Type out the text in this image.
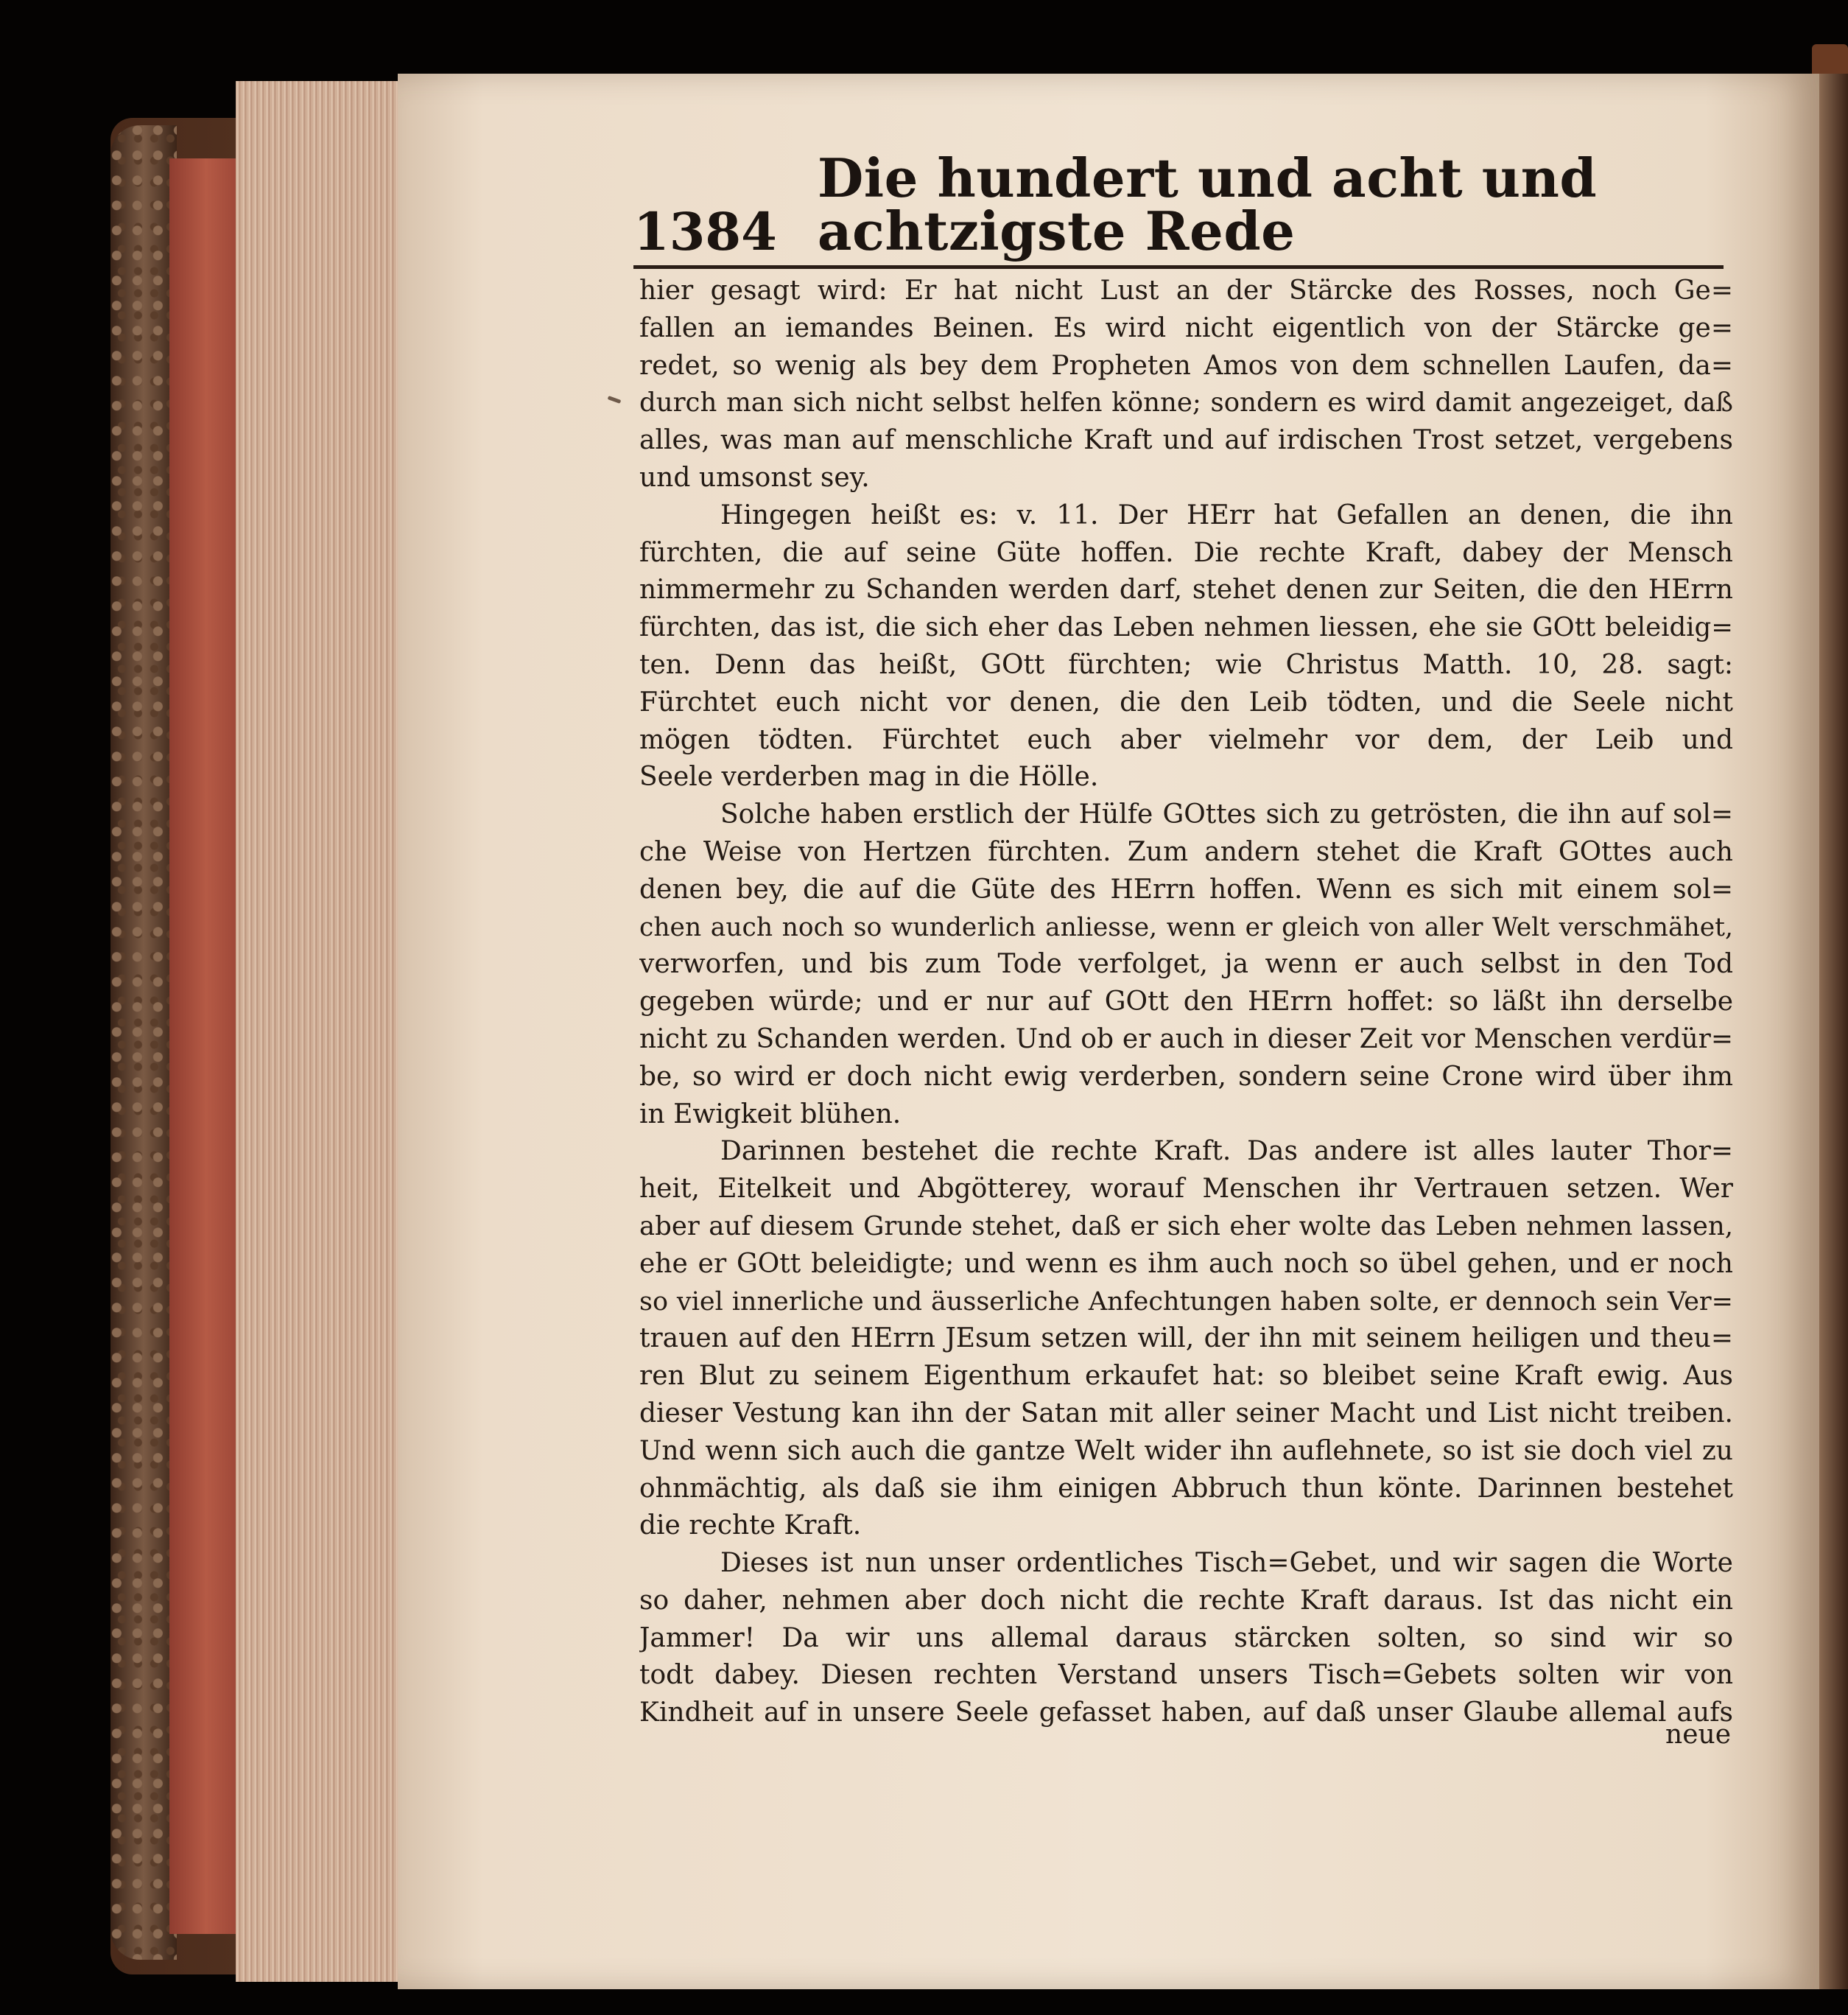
1384
Die hundert und acht und achtzigste Rede

hier gesagt wird: Er hat nicht Lust an der Stärcke des Rosses, noch Ge=
fallen an iemandes Beinen. Es wird nicht eigentlich von der Stärcke ge=
redet, so wenig als bey dem Propheten Amos von dem schnellen Laufen, da=
durch man sich nicht selbst helfen könne; sondern es wird damit angezeiget, daß
alles, was man auf menschliche Kraft und auf irdischen Trost setzet, vergebens
und umsonst sey.

Hingegen heißt es: v. 11. Der HErr hat Gefallen an denen, die ihn
fürchten, die auf seine Güte hoffen. Die rechte Kraft, dabey der Mensch
nimmermehr zu Schanden werden darf, stehet denen zur Seiten, die den HErrn
fürchten, das ist, die sich eher das Leben nehmen liessen, ehe sie GOtt beleidig=
ten. Denn das heißt, GOtt fürchten; wie Christus Matth. 10, 28. sagt:
Fürchtet euch nicht vor denen, die den Leib tödten, und die Seele nicht
mögen tödten. Fürchtet euch aber vielmehr vor dem, der Leib und
Seele verderben mag in die Hölle.

Solche haben erstlich der Hülfe GOttes sich zu getrösten, die ihn auf sol=
che Weise von Hertzen fürchten. Zum andern stehet die Kraft GOttes auch
denen bey, die auf die Güte des HErrn hoffen. Wenn es sich mit einem sol=
chen auch noch so wunderlich anliesse, wenn er gleich von aller Welt verschmähet,
verworfen, und bis zum Tode verfolget, ja wenn er auch selbst in den Tod
gegeben würde; und er nur auf GOtt den HErrn hoffet: so läßt ihn derselbe
nicht zu Schanden werden. Und ob er auch in dieser Zeit vor Menschen verdür=
be, so wird er doch nicht ewig verderben, sondern seine Crone wird über ihm
in Ewigkeit blühen.

Darinnen bestehet die rechte Kraft. Das andere ist alles lauter Thor=
heit, Eitelkeit und Abgötterey, worauf Menschen ihr Vertrauen setzen. Wer
aber auf diesem Grunde stehet, daß er sich eher wolte das Leben nehmen lassen,
ehe er GOtt beleidigte; und wenn es ihm auch noch so übel gehen, und er noch
so viel innerliche und äusserliche Anfechtungen haben solte, er dennoch sein Ver=
trauen auf den HErrn JEsum setzen will, der ihn mit seinem heiligen und theu=
ren Blut zu seinem Eigenthum erkaufet hat: so bleibet seine Kraft ewig. Aus
dieser Vestung kan ihn der Satan mit aller seiner Macht und List nicht treiben.
Und wenn sich auch die gantze Welt wider ihn auflehnete, so ist sie doch viel zu
ohnmächtig, als daß sie ihm einigen Abbruch thun könte. Darinnen bestehet
die rechte Kraft.

Dieses ist nun unser ordentliches Tisch=Gebet, und wir sagen die Worte
so daher, nehmen aber doch nicht die rechte Kraft daraus. Ist das nicht ein
Jammer! Da wir uns allemal daraus stärcken solten, so sind wir so
todt dabey. Diesen rechten Verstand unsers Tisch=Gebets solten wir von
Kindheit auf in unsere Seele gefasset haben, auf daß unser Glaube allemal aufs

neue
